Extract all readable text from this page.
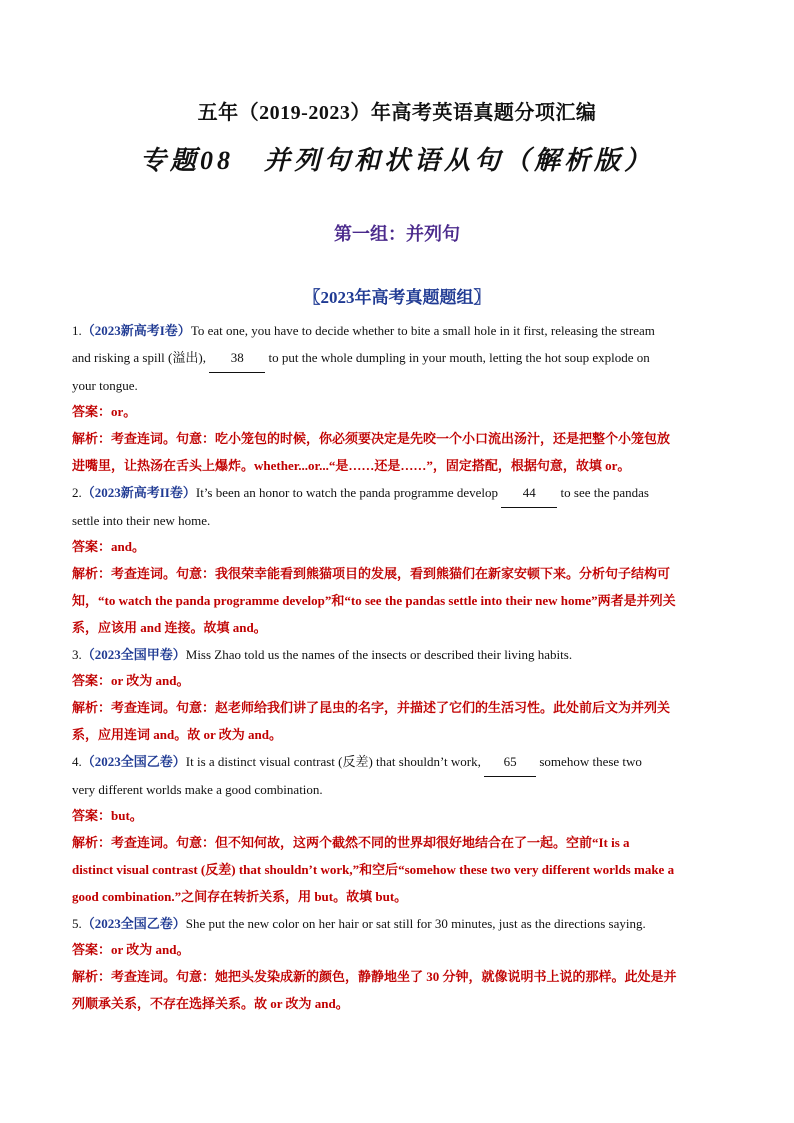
五年（2019-2023）年高考英语真题分项汇编
专题08　并列句和状语从句（解析版）
第一组：并列句
〖2023年高考真题题组〗

1.（2023新高考I卷）To eat one, you have to decide whether to bite a small hole in it first, releasing the stream

and risking a spill (溢出), 38 to put the whole dumpling in your mouth, letting the hot soup explode on

your tongue.

答案：or。

解析：考查连词。句意：吃小笼包的时候，你必须要决定是先咬一个小口流出汤汁，还是把整个小笼包放

进嘴里，让热汤在舌头上爆炸。whether...or...“是……还是……”，固定搭配，根据句意，故填 or。

2.（2023新高考II卷）It’s been an honor to watch the panda programme develop 44 to see the pandas

settle into their new home.

答案：and。

解析：考查连词。句意：我很荣幸能看到熊猫项目的发展，看到熊猫们在新家安顿下来。分析句子结构可

知，“to watch the panda programme develop”和“to see the pandas settle into their new home”两者是并列关

系，应该用 and 连接。故填 and。

3.（2023全国甲卷）Miss Zhao told us the names of the insects or described their living habits.

答案：or 改为 and。

解析：考查连词。句意：赵老师给我们讲了昆虫的名字，并描述了它们的生活习性。此处前后文为并列关

系，应用连词 and。故 or 改为 and。

4.（2023全国乙卷）It is a distinct visual contrast (反差) that shouldn’t work, 65 somehow these two

very different worlds make a good combination.

答案：but。

解析：考查连词。句意：但不知何故，这两个截然不同的世界却很好地结合在了一起。空前“It is a

distinct visual contrast (反差) that shouldn’t work,”和空后“somehow these two very different worlds make a

good combination.”之间存在转折关系，用 but。故填 but。

5.（2023全国乙卷）She put the new color on her hair or sat still for 30 minutes, just as the directions saying.

答案：or 改为 and。

解析：考查连词。句意：她把头发染成新的颜色，静静地坐了 30 分钟，就像说明书上说的那样。此处是并

列顺承关系，不存在选择关系。故 or 改为 and。
